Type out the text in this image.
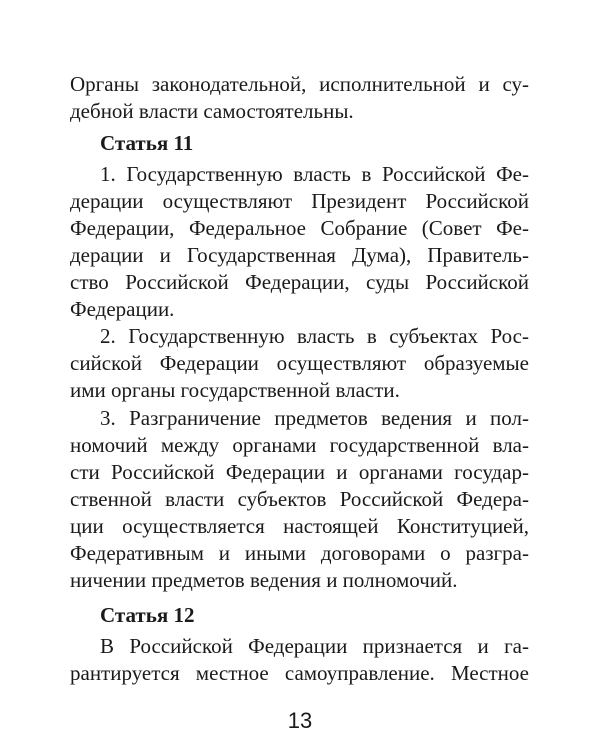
Органы законодательной, исполнительной и су-
дебной власти самостоятельны.
Статья 11
1. Государственную власть в Российской Фе-
дерации осуществляют Президент Российской
Федерации, Федеральное Собрание (Совет Фе-
дерации и Государственная Дума), Правитель-
ство Российской Федерации, суды Российской
Федерации.
2. Государственную власть в субъектах Рос-
сийской Федерации осуществляют образуемые
ими органы государственной власти.
3. Разграничение предметов ведения и пол-
номочий между органами государственной вла-
сти Российской Федерации и органами государ-
ственной власти субъектов Российской Федера-
ции осуществляется настоящей Конституцией,
Федеративным и иными договорами о разгра-
ничении предметов ведения и полномочий.
Статья 12
В Российской Федерации признается и га-
рантируется местное самоуправление. Местное
13
